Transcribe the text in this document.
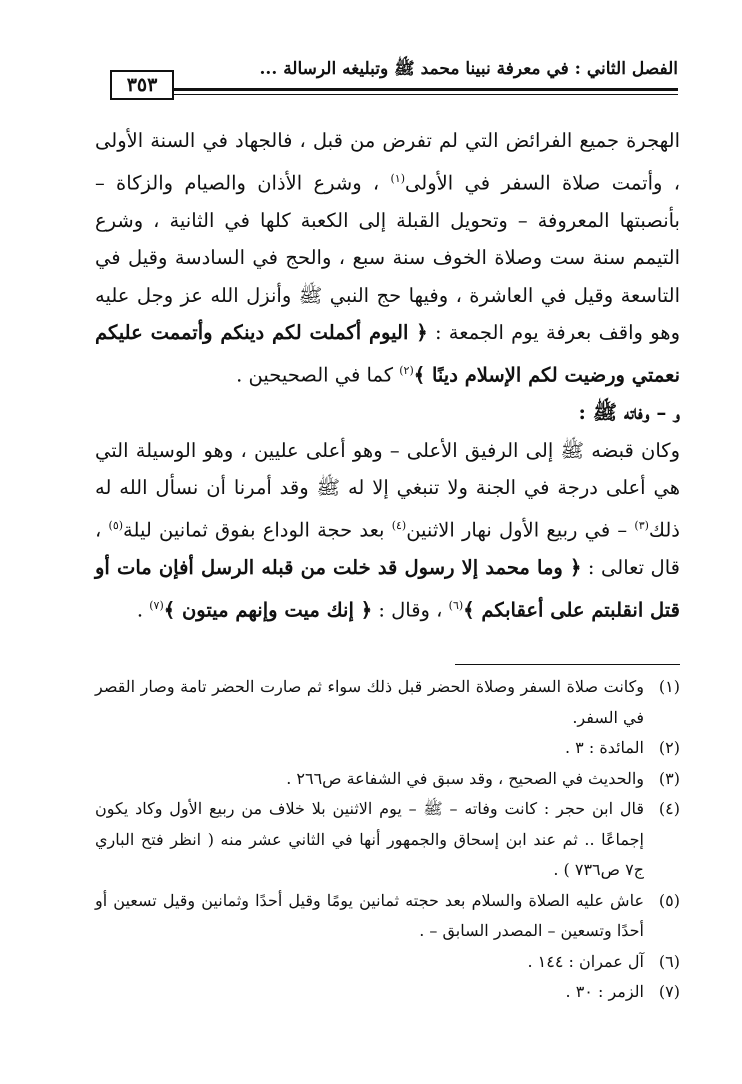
الفصل الثاني : في معرفة نبينا محمد ﷺ وتبليغه الرسالة ...
٣٥٣

الهجرة جميع الفرائض التي لم تفرض من قبل ، فالجهاد في السنة الأولى ، وأتمت صلاة السفر في الأولى$^{(١)}$ ، وشرع الأذان والصيام والزكاة – بأنصبتها المعروفة – وتحويل القبلة إلى الكعبة كلها في الثانية ، وشرع التيمم سنة ست وصلاة الخوف سنة سبع ، والحج في السادسة وقيل في التاسعة وقيل في العاشرة ، وفيها حج النبي ﷺ وأنزل الله عز وجل عليه وهو واقف بعرفة يوم الجمعة : ﴿ اليوم أكملت لكم دينكم وأتممت عليكم نعمتي ورضيت لكم الإسلام دينًا ﴾$^{(٢)}$ كما في الصحيحين .

و – وفاته ﷺ :

وكان قبضه ﷺ إلى الرفيق الأعلى – وهو أعلى عليين ، وهو الوسيلة التي هي أعلى درجة في الجنة ولا تنبغي إلا له ﷺ وقد أمرنا أن نسأل الله له ذلك$^{(٣)}$ – في ربيع الأول نهار الاثنين$^{(٤)}$ بعد حجة الوداع بفوق ثمانين ليلة$^{(٥)}$ ، قال تعالى : ﴿ وما محمد إلا رسول قد خلت من قبله الرسل أفإن مات أو قتل انقلبتم على أعقابكم ﴾$^{(٦)}$ ، وقال : ﴿ إنك ميت وإنهم ميتون ﴾$^{(٧)}$ .

(١)
وكانت صلاة السفر وصلاة الحضر قبل ذلك سواء ثم صارت الحضر تامة وصار القصر في السفر.
(٢)
المائدة : ٣ .
(٣)
والحديث في الصحيح ، وقد سبق في الشفاعة ص٢٦٦ .
(٤)
قال ابن حجر : كانت وفاته – ﷺ – يوم الاثنين بلا خلاف من ربيع الأول وكاد يكون إجماعًا .. ثم عند ابن إسحاق والجمهور أنها في الثاني عشر منه ( انظر فتح الباري ج٧ ص٧٣٦ ) .
(٥)
عاش عليه الصلاة والسلام بعد حجته ثمانين يومًا وقيل أحدًا وثمانين وقيل تسعين أو أحدًا وتسعين – المصدر السابق – .
(٦)
آل عمران : ١٤٤ .
(٧)
الزمر : ٣٠ .
